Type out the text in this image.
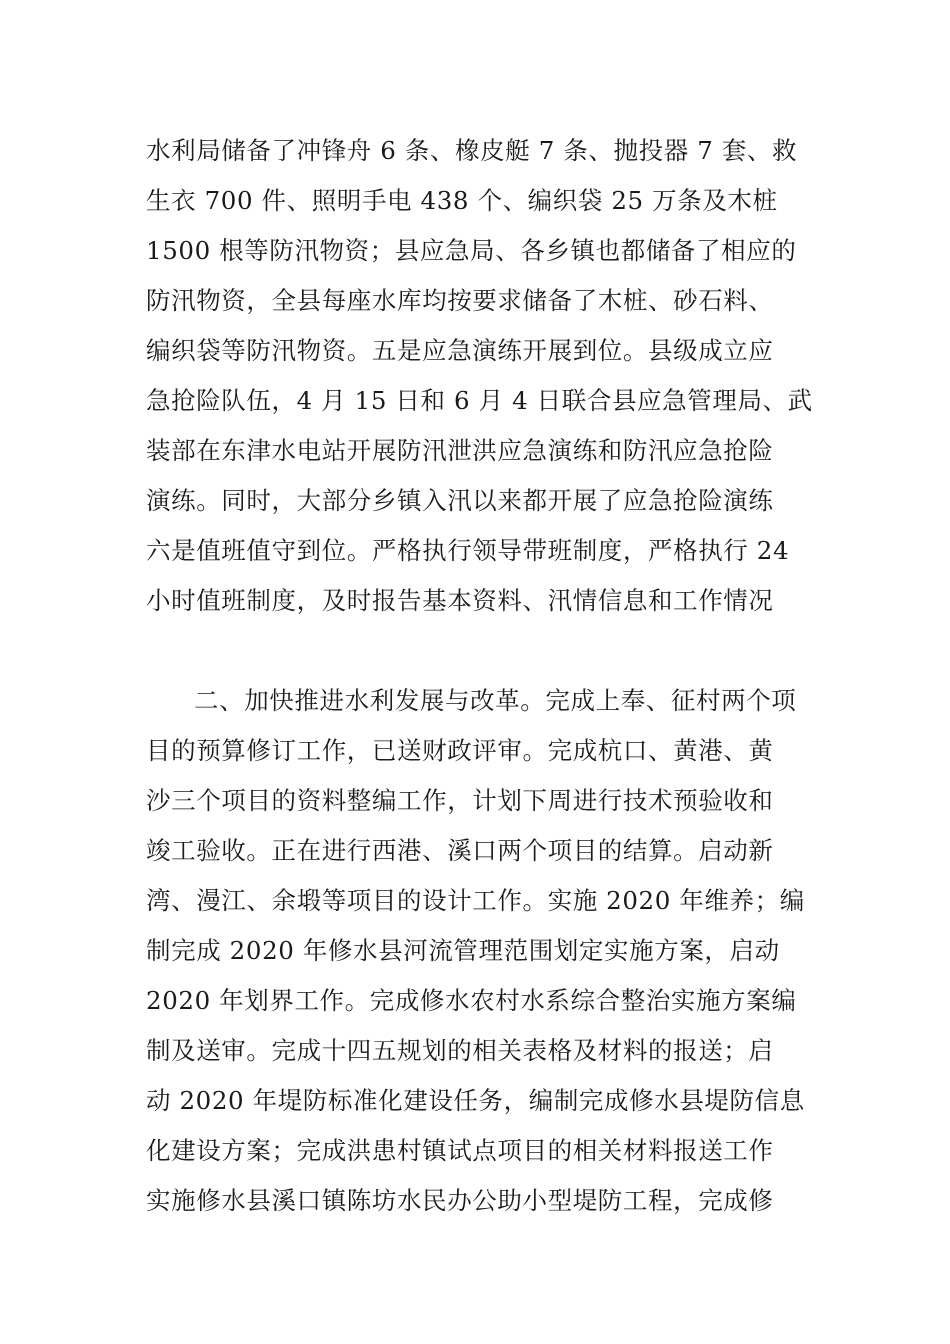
水利局储备了冲锋舟 6 条、橡皮艇 7 条、抛投器 7 套、救
生衣 700 件、照明手电 438 个、编织袋 25 万条及木桩
1500 根等防汛物资；县应急局、各乡镇也都储备了相应的
防汛物资，全县每座水库均按要求储备了木桩、砂石料、
编织袋等防汛物资。五是应急演练开展到位。县级成立应
急抢险队伍，4 月 15 日和 6 月 4 日联合县应急管理局、武
装部在东津水电站开展防汛泄洪应急演练和防汛应急抢险
演练。同时，大部分乡镇入汛以来都开展了应急抢险演练
六是值班值守到位。严格执行领导带班制度，严格执行 24
小时值班制度，及时报告基本资料、汛情信息和工作情况
二、加快推进水利发展与改革。完成上奉、征村两个项
目的预算修订工作，已送财政评审。完成杭口、黄港、黄
沙三个项目的资料整编工作，计划下周进行技术预验收和
竣工验收。正在进行西港、溪口两个项目的结算。启动新
湾、漫江、余塅等项目的设计工作。实施 2020 年维养；编
制完成 2020 年修水县河流管理范围划定实施方案，启动
2020 年划界工作。完成修水农村水系综合整治实施方案编
制及送审。完成十四五规划的相关表格及材料的报送；启
动 2020 年堤防标准化建设任务，编制完成修水县堤防信息
化建设方案；完成洪患村镇试点项目的相关材料报送工作
实施修水县溪口镇陈坊水民办公助小型堤防工程，完成修
